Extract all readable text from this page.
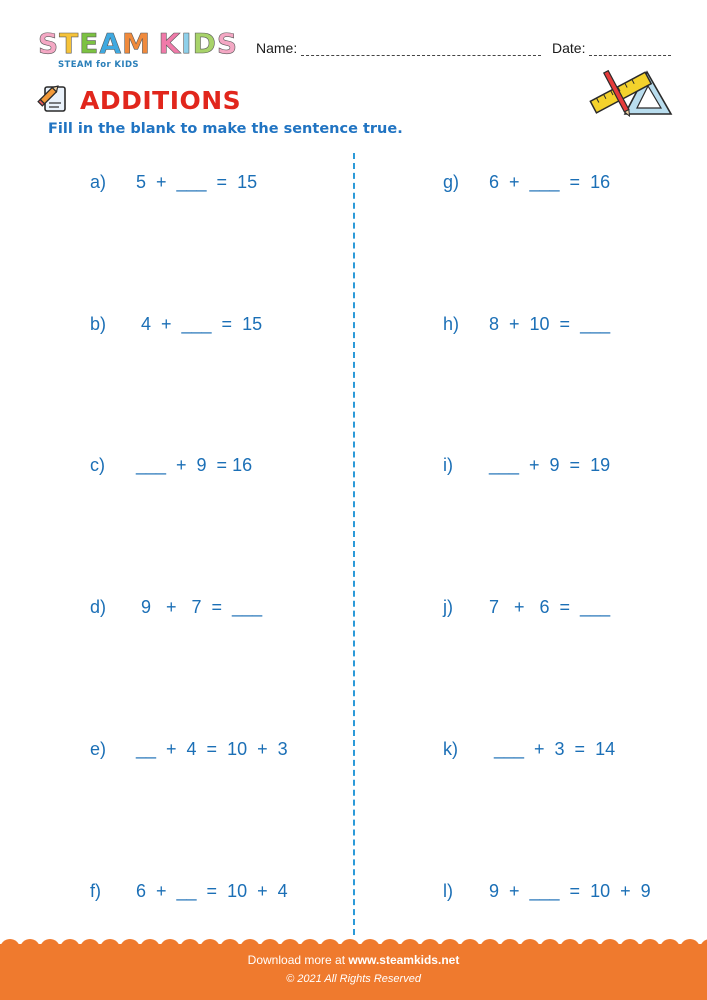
S T E A M K I D S
STEAM for KIDS
Name:	Date:
ADDITIONS
Fill in the blank to make the sentence true.
a) 5  +  ___  =  15
b) 4  +  ___  =  15
c) ___  +  9  = 16
d) 9   +   7  =  ___
e) __  +  4  =  10  +  3
f) 6  +  __  =  10  +  4
g) 6  +  ___  =  16
h) 8  +  10  =  ___
i) ___  +  9  =  19
j) 7   +   6  =  ___
k) ___  +  3  =  14
l) 9  +  ___  =  10  +  9
Download more at www.steamkids.net
© 2021 All Rights Reserved
